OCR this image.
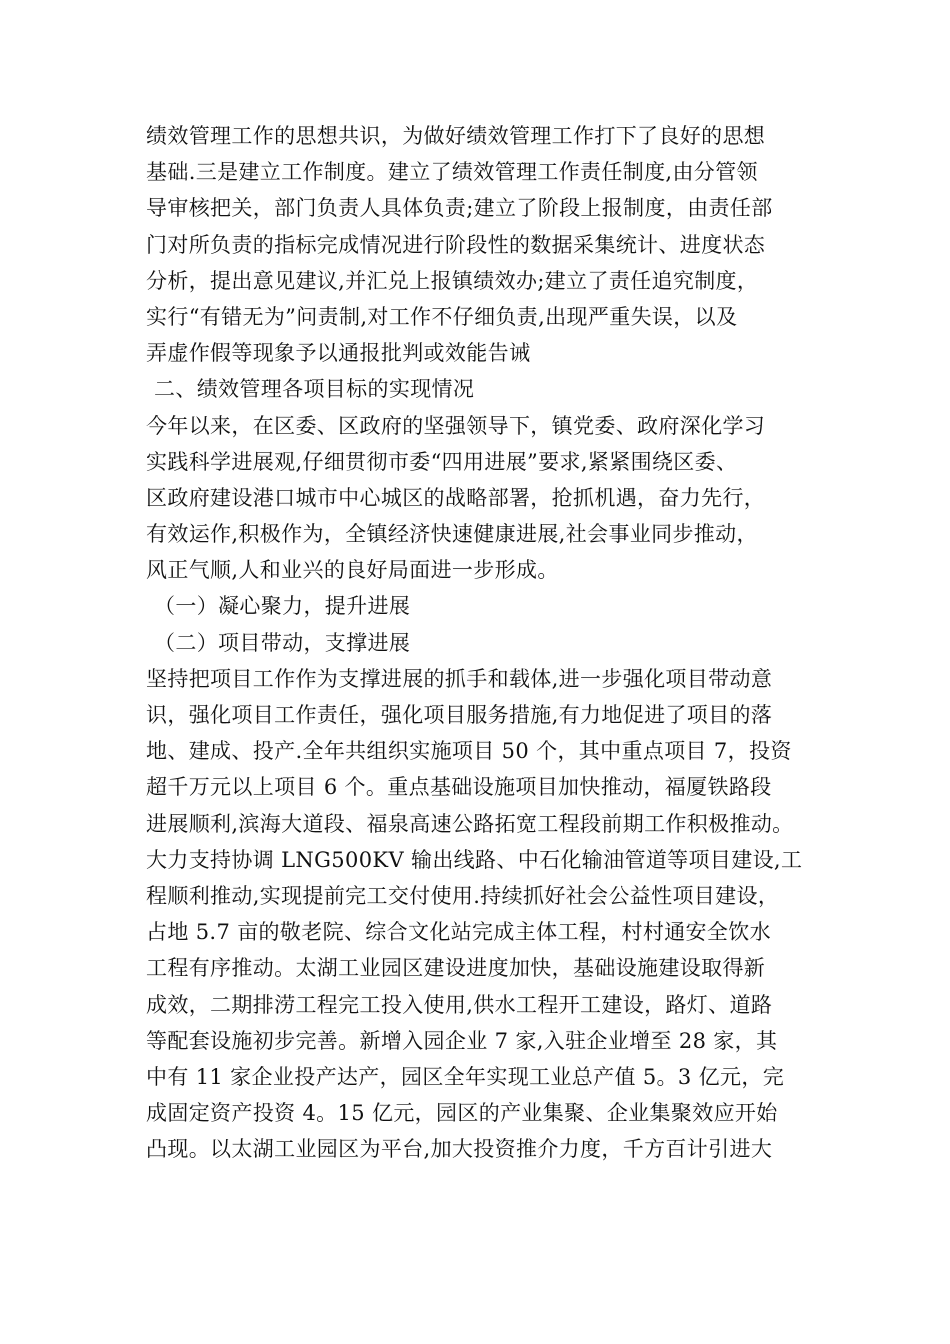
绩效管理工作的思想共识，为做好绩效管理工作打下了良好的思想
基础.三是建立工作制度。建立了绩效管理工作责任制度,由分管领
导审核把关，部门负责人具体负责;建立了阶段上报制度，由责任部
门对所负责的指标完成情况进行阶段性的数据采集统计、进度状态
分析，提出意见建议,并汇兑上报镇绩效办;建立了责任追究制度，
实行“有错无为”问责制,对工作不仔细负责,出现严重失误，以及
弄虚作假等现象予以通报批判或效能告诫
二、绩效管理各项目标的实现情况
今年以来，在区委、区政府的坚强领导下，镇党委、政府深化学习
实践科学进展观,仔细贯彻市委“四用进展”要求,紧紧围绕区委、
区政府建设港口城市中心城区的战略部署，抢抓机遇，奋力先行，
有效运作,积极作为，全镇经济快速健康进展,社会事业同步推动，
风正气顺,人和业兴的良好局面进一步形成。
（一）凝心聚力，提升进展
（二）项目带动，支撑进展
坚持把项目工作作为支撑进展的抓手和载体,进一步强化项目带动意
识，强化项目工作责任，强化项目服务措施,有力地促进了项目的落
地、建成、投产.全年共组织实施项目 50 个，其中重点项目 7，投资
超千万元以上项目 6 个。重点基础设施项目加快推动，福厦铁路段
进展顺利,滨海大道段、福泉高速公路拓宽工程段前期工作积极推动。
大力支持协调 LNG500KV 输出线路、中石化输油管道等项目建设,工
程顺利推动,实现提前完工交付使用.持续抓好社会公益性项目建设，
占地 5.7 亩的敬老院、综合文化站完成主体工程，村村通安全饮水
工程有序推动。太湖工业园区建设进度加快，基础设施建设取得新
成效，二期排涝工程完工投入使用,供水工程开工建设，路灯、道路
等配套设施初步完善。新增入园企业 7 家,入驻企业增至 28 家，其
中有 11 家企业投产达产，园区全年实现工业总产值 5。3 亿元，完
成固定资产投资 4。15 亿元，园区的产业集聚、企业集聚效应开始
凸现。以太湖工业园区为平台,加大投资推介力度，千方百计引进大
